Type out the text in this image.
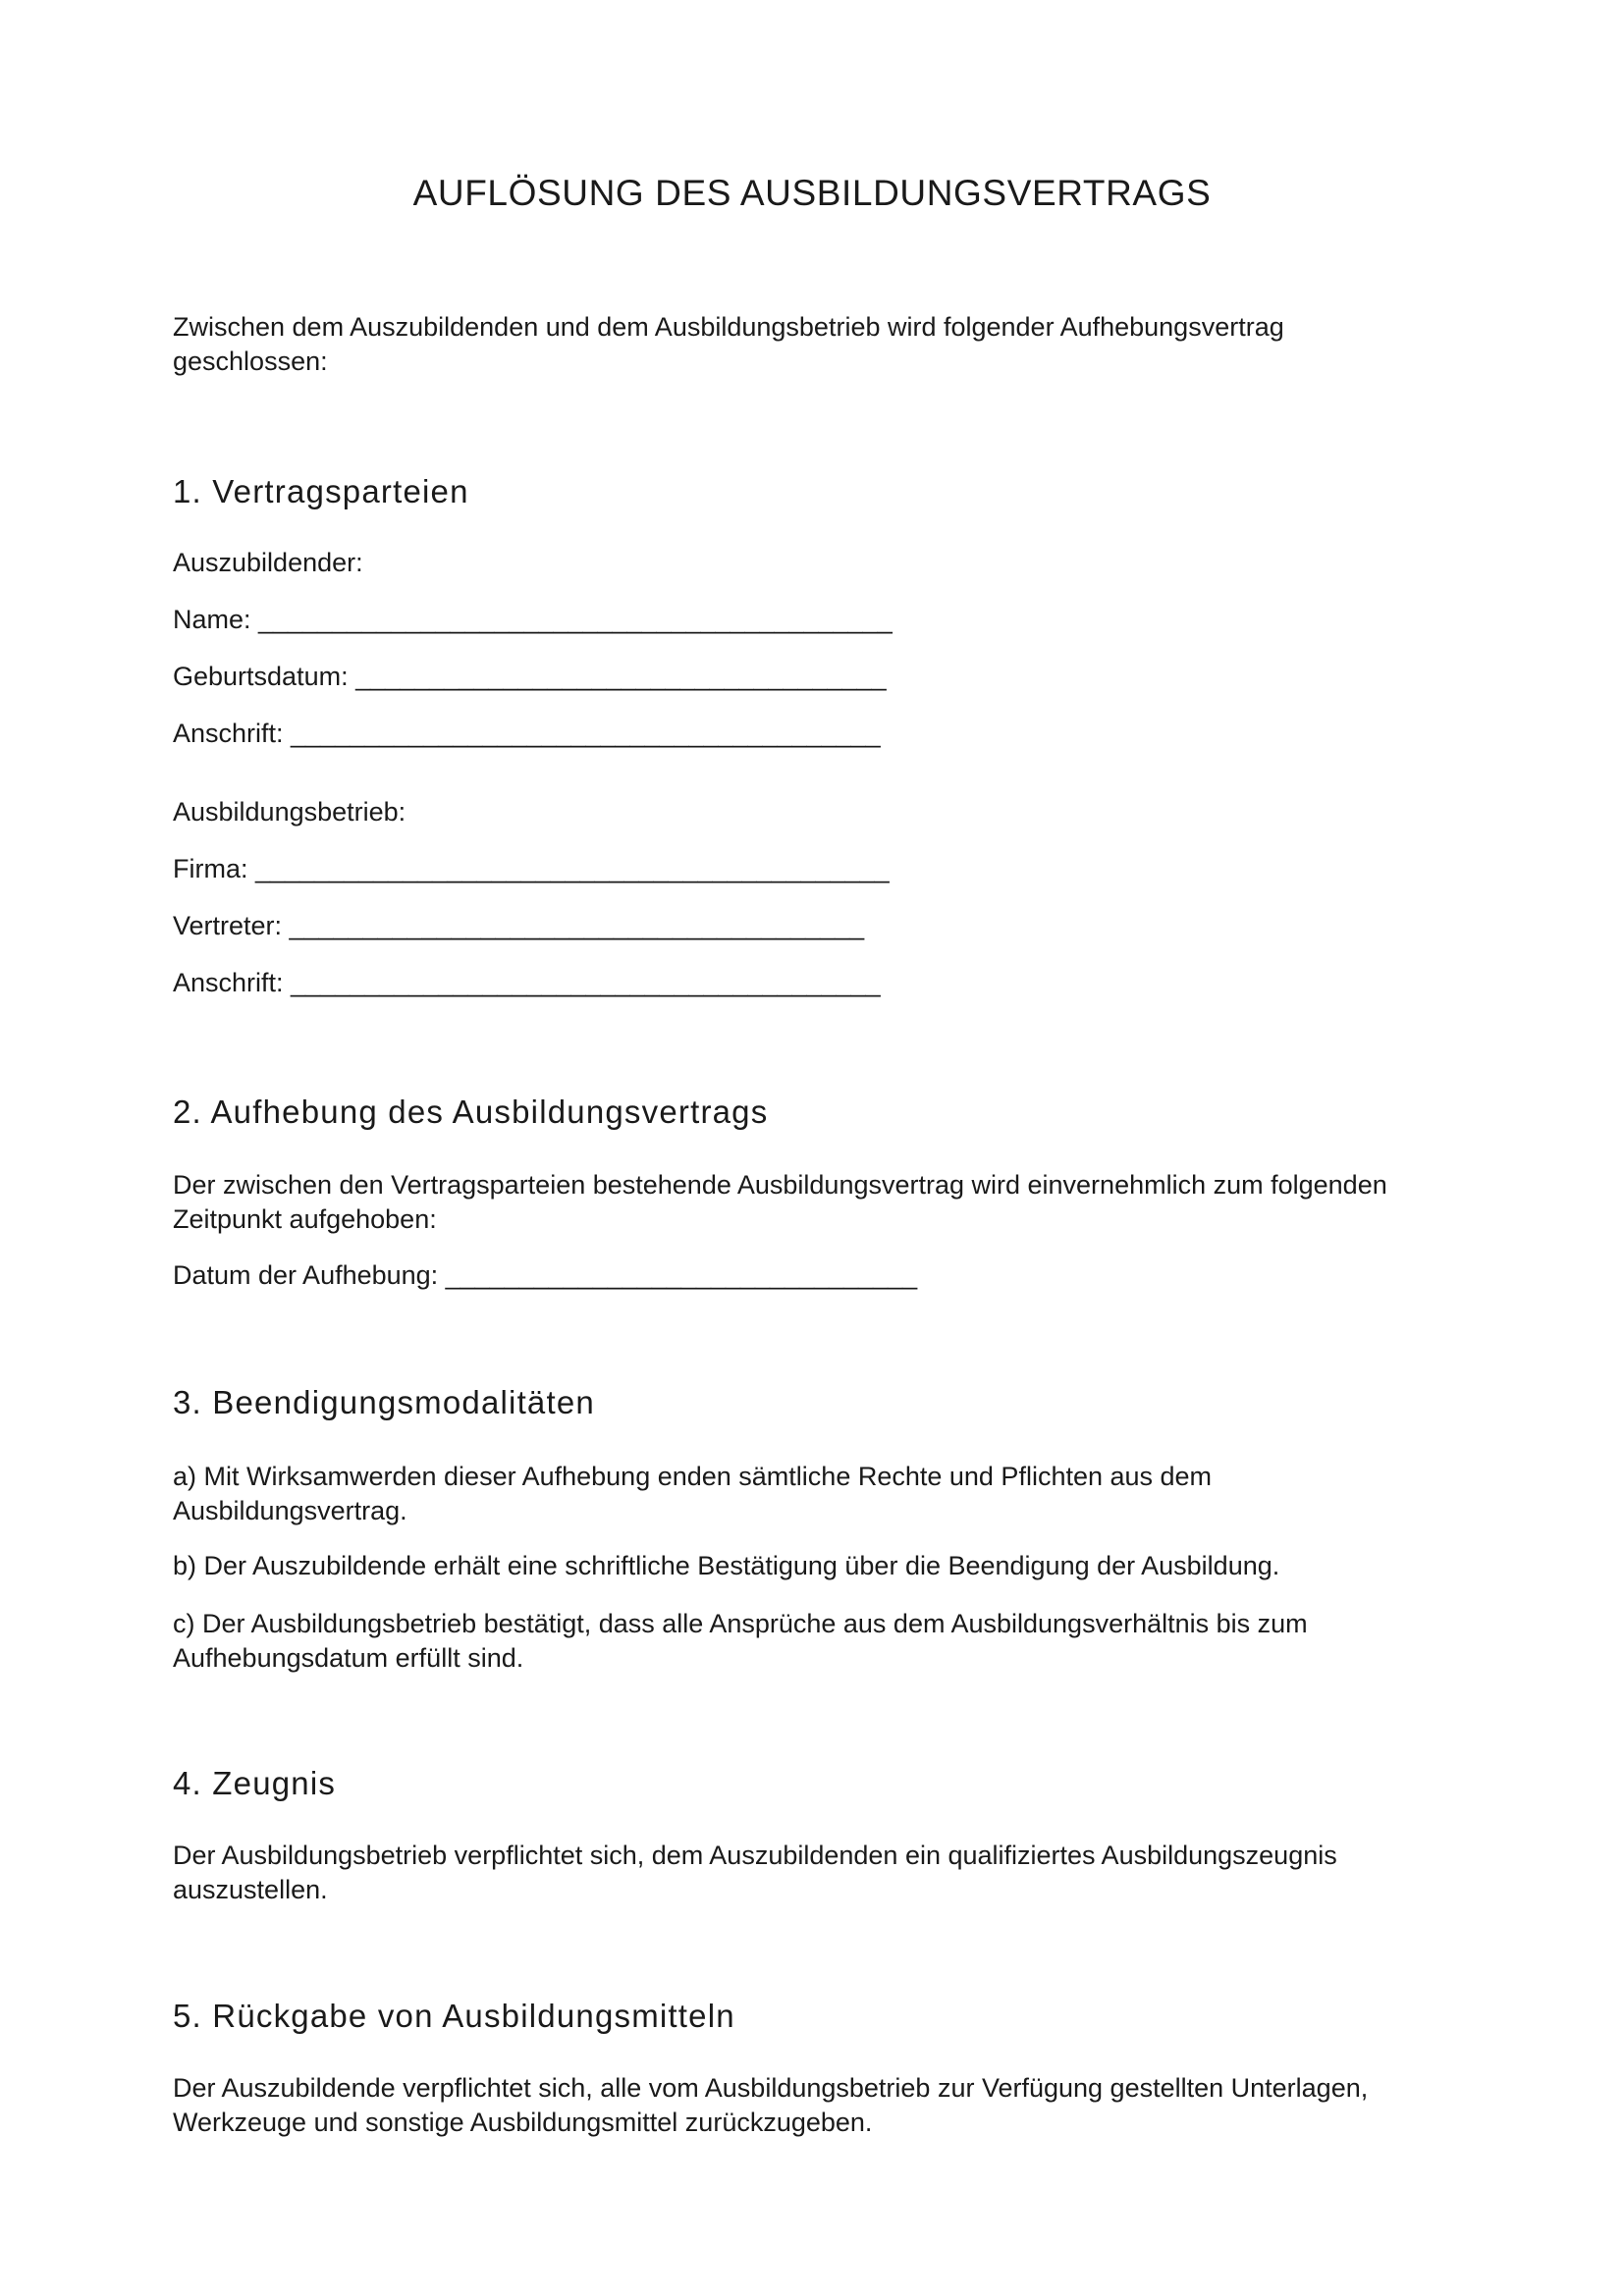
AUFLÖSUNG DES AUSBILDUNGSVERTRAGS

Zwischen dem Auszubildenden und dem Ausbildungsbetrieb wird folgender Aufhebungsvertrag geschlossen:

1. Vertragsparteien

Auszubildender:

Name: ___________________________________________

Geburtsdatum: ____________________________________

Anschrift: ________________________________________

Ausbildungsbetrieb:

Firma: ___________________________________________

Vertreter: _______________________________________

Anschrift: ________________________________________

2. Aufhebung des Ausbildungsvertrags

Der zwischen den Vertragsparteien bestehende Ausbildungsvertrag wird einvernehmlich zum folgenden Zeitpunkt aufgehoben:

Datum der Aufhebung: ________________________________

3. Beendigungsmodalitäten

a) Mit Wirksamwerden dieser Aufhebung enden sämtliche Rechte und Pflichten aus dem Ausbildungsvertrag.

b) Der Auszubildende erhält eine schriftliche Bestätigung über die Beendigung der Ausbildung.

c) Der Ausbildungsbetrieb bestätigt, dass alle Ansprüche aus dem Ausbildungsverhältnis bis zum Aufhebungsdatum erfüllt sind.

4. Zeugnis

Der Ausbildungsbetrieb verpflichtet sich, dem Auszubildenden ein qualifiziertes Ausbildungszeugnis auszustellen.

5. Rückgabe von Ausbildungsmitteln

Der Auszubildende verpflichtet sich, alle vom Ausbildungsbetrieb zur Verfügung gestellten Unterlagen, Werkzeuge und sonstige Ausbildungsmittel zurückzugeben.
